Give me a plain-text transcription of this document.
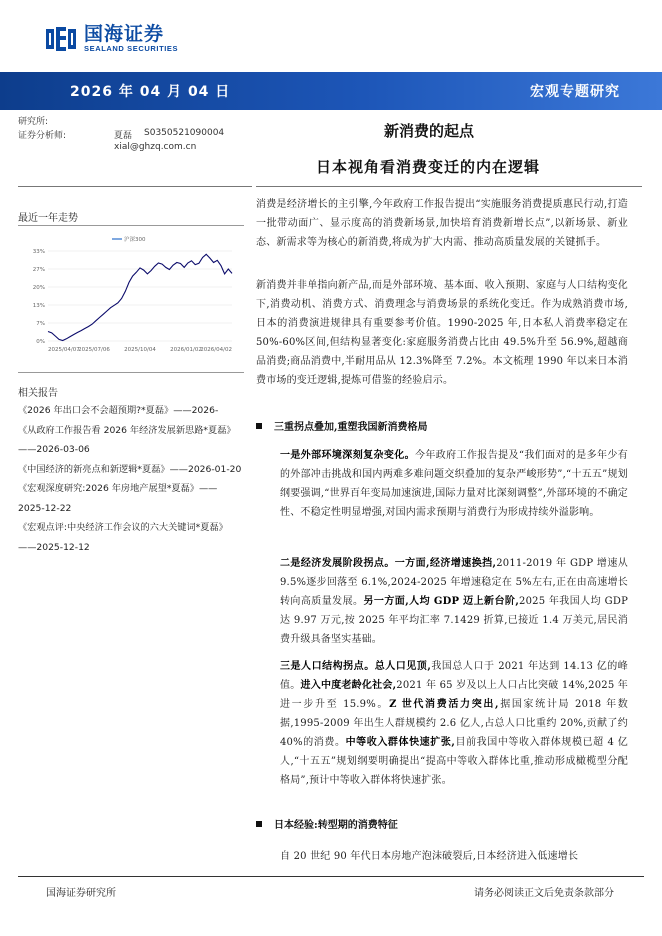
国海证券
SEALAND SECURITIES
2026 年 04 月 04 日	宏观专题研究
研究所:
证券分析师:	夏磊 S0350521090004
xial@ghzq.com.cn
新消费的起点
日本视角看消费变迁的内在逻辑
最近一年走势
0%
7%
13%
20%
27%
33%
2025/04/07
2025/07/06	2025/10/04	2026/01/02
2026/04/02
沪深300
相关报告
《2026 年出口会不会超预期?*夏磊》——2026-
《从政府工作报告看 2026 年经济发展新思路*夏磊》——2026-03-06
《中国经济的新亮点和新逻辑*夏磊》——2026-01-20
《宏观深度研究:2026 年房地产展望*夏磊》——2025-12-22
《宏观点评:中央经济工作会议的六大关键词*夏磊》——2025-12-12
消费是经济增长的主引擎,今年政府工作报告提出“实施服务消费提质惠民行动,打造一批带动面广、显示度高的消费新场景,加快培育消费新增长点”,以新场景、新业态、新需求等为核心的新消费,将成为扩大内需、推动高质量发展的关键抓手。
新消费并非单指向新产品,而是外部环境、基本面、收入预期、家庭与人口结构变化下,消费动机、消费方式、消费理念与消费场景的系统化变迁。作为成熟消费市场,日本的消费演进规律具有重要参考价值。1990-2025 年,日本私人消费率稳定在 50%-60%区间,但结构显著变化:家庭服务消费占比由 49.5%升至 56.9%,超越商品消费;商品消费中,半耐用品从 12.3%降至 7.2%。本文梳理 1990 年以来日本消费市场的变迁逻辑,提炼可借鉴的经验启示。
三重拐点叠加,重塑我国新消费格局
一是外部环境深刻复杂变化。今年政府工作报告提及“我们面对的是多年少有的外部冲击挑战和国内两难多难问题交织叠加的复杂严峻形势”,“十五五”规划纲要强调,“世界百年变局加速演进,国际力量对比深刻调整”,外部环境的不确定性、不稳定性明显增强,对国内需求预期与消费行为形成持续外溢影响。
二是经济发展阶段拐点。一方面,经济增速换挡,2011-2019 年 GDP 增速从 9.5%逐步回落至 6.1%,2024-2025 年增速稳定在 5%左右,正在由高速增长转向高质量发展。另一方面,人均 GDP 迈上新台阶,2025 年我国人均 GDP 达 9.97 万元,按 2025 年平均汇率 7.1429 折算,已接近 1.4 万美元,居民消费升级具备坚实基础。
三是人口结构拐点。总人口见顶,我国总人口于 2021 年达到 14.13 亿的峰值。进入中度老龄化社会,2021 年 65 岁及以上人口占比突破 14%,2025 年进一步升至 15.9%。Z 世代消费活力突出,据国家统计局 2018 年数据,1995-2009 年出生人群规模约 2.6 亿人,占总人口比重约 20%,贡献了约 40%的消费。中等收入群体快速扩张,目前我国中等收入群体规模已超 4 亿人,“十五五”规划纲要明确提出“提高中等收入群体比重,推动形成橄榄型分配格局”,预计中等收入群体将快速扩张。
日本经验:转型期的消费特征
自 20 世纪 90 年代日本房地产泡沫破裂后,日本经济进入低速增长
国海证券研究所	请务必阅读正文后免责条款部分
